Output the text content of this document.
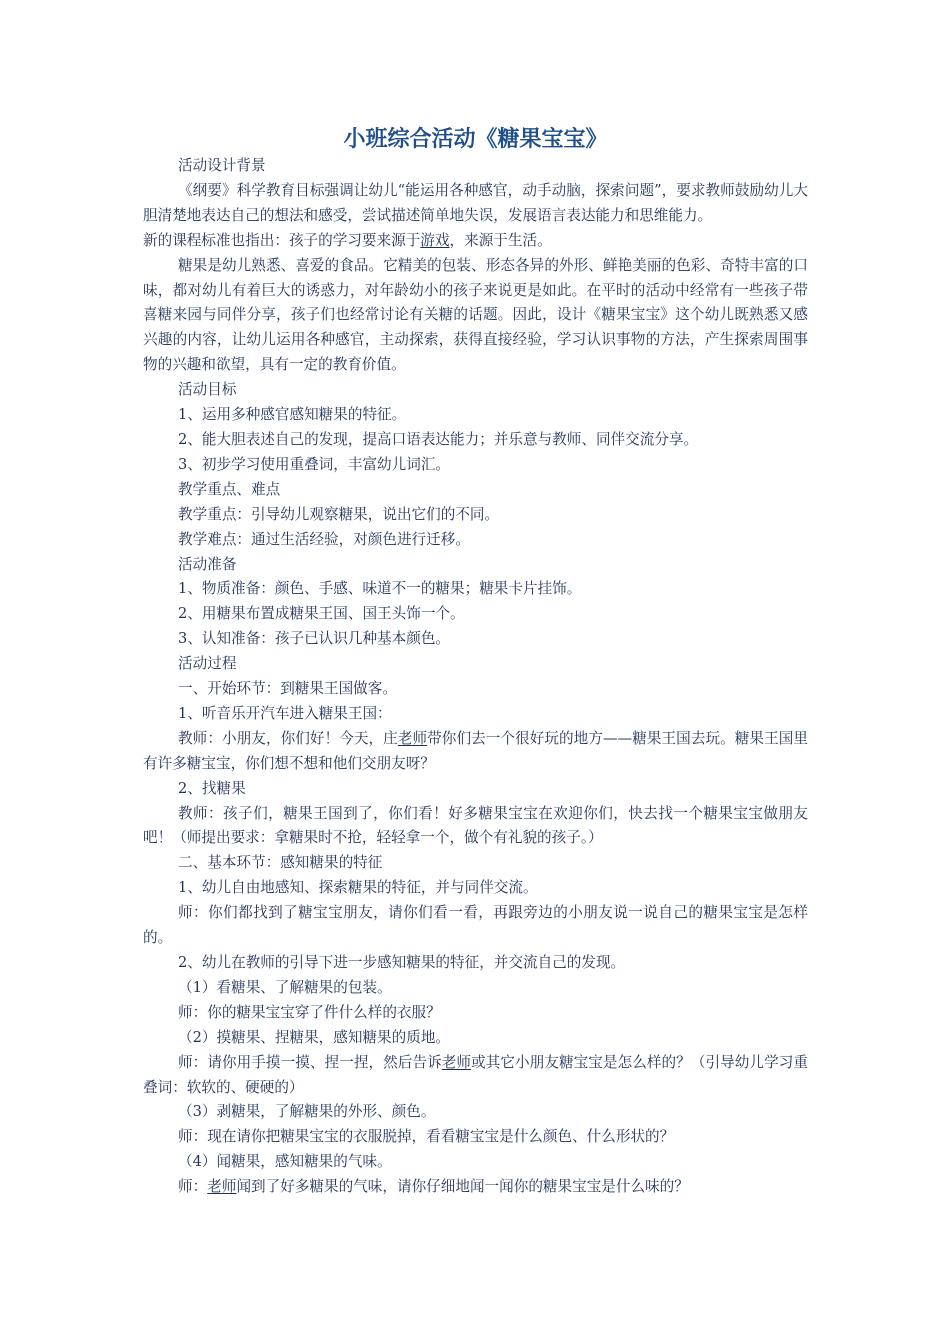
小班综合活动《糖果宝宝》

活动设计背景

《纲要》科学教育目标强调让幼儿“能运用各种感官，动手动脑，探索问题”，要求教师鼓励幼儿大胆清楚地表达自己的想法和感受，尝试描述简单地失误，发展语言表达能力和思维能力。

新的课程标准也指出：孩子的学习要来源于游戏，来源于生活。

糖果是幼儿熟悉、喜爱的食品。它精美的包装、形态各异的外形、鲜艳美丽的色彩、奇特丰富的口味，都对幼儿有着巨大的诱惑力，对年龄幼小的孩子来说更是如此。在平时的活动中经常有一些孩子带喜糖来园与同伴分享，孩子们也经常讨论有关糖的话题。因此，设计《糖果宝宝》这个幼儿既熟悉又感兴趣的内容，让幼儿运用各种感官，主动探索，获得直接经验，学习认识事物的方法，产生探索周围事物的兴趣和欲望，具有一定的教育价值。

活动目标

1、运用多种感官感知糖果的特征。

2、能大胆表述自己的发现，提高口语表达能力；并乐意与教师、同伴交流分享。

3、初步学习使用重叠词，丰富幼儿词汇。

教学重点、难点

教学重点：引导幼儿观察糖果，说出它们的不同。

教学难点：通过生活经验，对颜色进行迁移。

活动准备

1、物质准备：颜色、手感、味道不一的糖果；糖果卡片挂饰。

2、用糖果布置成糖果王国、国王头饰一个。

3、认知准备：孩子已认识几种基本颜色。

活动过程

一、开始环节：到糖果王国做客。

1、听音乐开汽车进入糖果王国：

教师：小朋友，你们好！今天，庄老师带你们去一个很好玩的地方——糖果王国去玩。糖果王国里有许多糖宝宝，你们想不想和他们交朋友呀？

2、找糖果

教师：孩子们，糖果王国到了，你们看！好多糖果宝宝在欢迎你们，快去找一个糖果宝宝做朋友吧！（师提出要求：拿糖果时不抢，轻轻拿一个，做个有礼貌的孩子。）

二、基本环节：感知糖果的特征

1、幼儿自由地感知、探索糖果的特征，并与同伴交流。

师：你们都找到了糖宝宝朋友，请你们看一看，再跟旁边的小朋友说一说自己的糖果宝宝是怎样的。

2、幼儿在教师的引导下进一步感知糖果的特征，并交流自己的发现。

（1）看糖果、了解糖果的包装。

师：你的糖果宝宝穿了件什么样的衣服？

（2）摸糖果、捏糖果，感知糖果的质地。

师：请你用手摸一摸、捏一捏，然后告诉老师或其它小朋友糖宝宝是怎么样的？（引导幼儿学习重叠词：软软的、硬硬的）

（3）剥糖果，了解糖果的外形、颜色。

师：现在请你把糖果宝宝的衣服脱掉，看看糖宝宝是什么颜色、什么形状的？

（4）闻糖果，感知糖果的气味。

师：老师闻到了好多糖果的气味，请你仔细地闻一闻你的糖果宝宝是什么味的？
